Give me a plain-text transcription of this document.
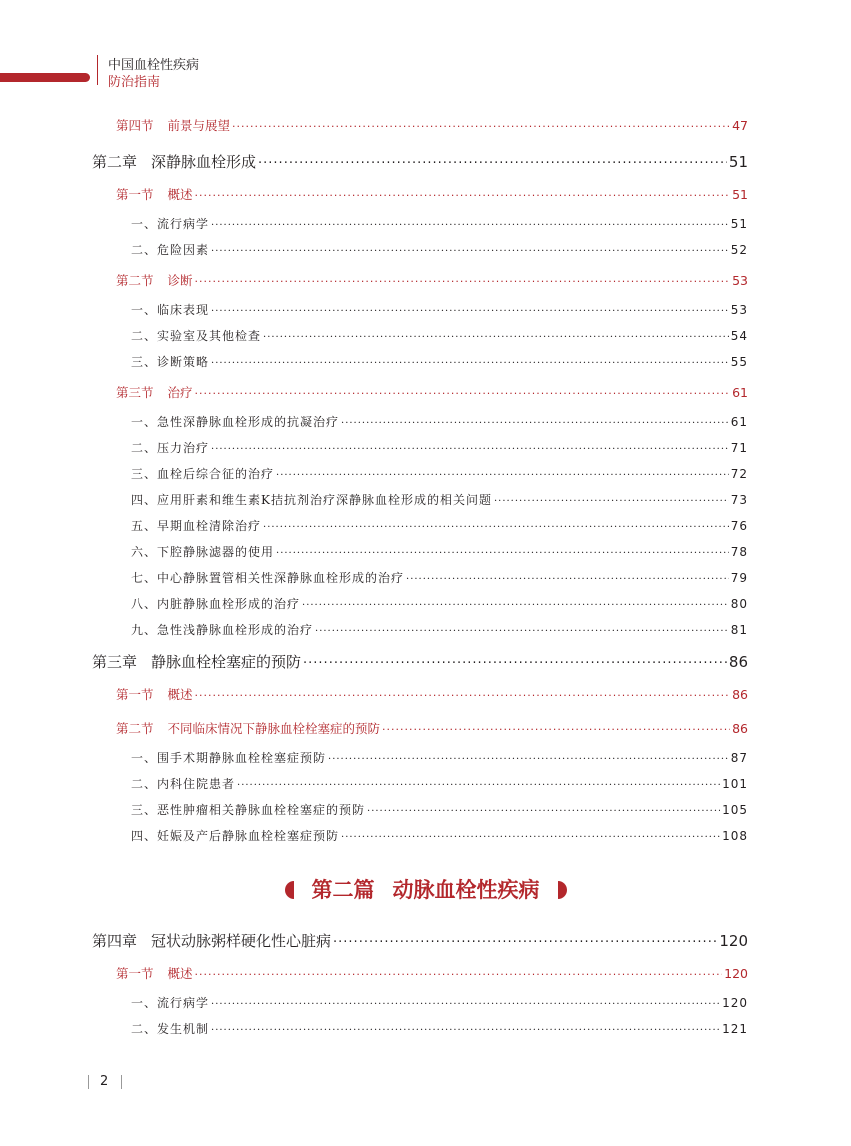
中国血栓性疾病
防治指南
第四节 前景与展望 ·····	47
第二章 深静脉血栓形成 ·····	51
第一节 概述 ·····	51
一、流行病学 ·····	51
二、危险因素 ·····	52
第二节 诊断 ·····	53
一、临床表现 ·····	53
二、实验室及其他检查 ·····	54
三、诊断策略 ·····	55
第三节 治疗 ·····	61
一、急性深静脉血栓形成的抗凝治疗 ·····	61
二、压力治疗 ·····	71
三、血栓后综合征的治疗 ·····	72
四、应用肝素和维生素K拮抗剂治疗深静脉血栓形成的相关问题 ·····	73
五、早期血栓清除治疗 ·····	76
六、下腔静脉滤器的使用 ·····	78
七、中心静脉置管相关性深静脉血栓形成的治疗 ·····	79
八、内脏静脉血栓形成的治疗 ·····	80
九、急性浅静脉血栓形成的治疗 ·····	81
第三章 静脉血栓栓塞症的预防 ·····	86
第一节 概述 ·····	86
第二节 不同临床情况下静脉血栓栓塞症的预防 ·····	86
一、围手术期静脉血栓栓塞症预防 ·····	87
二、内科住院患者 ·····	101
三、恶性肿瘤相关静脉血栓栓塞症的预防 ·····	105
四、妊娠及产后静脉血栓栓塞症预防 ·····	108
第二篇 动脉血栓性疾病
第四章 冠状动脉粥样硬化性心脏病 ·····	120
第一节 概述 ·····	120
一、流行病学 ·····	120
二、发生机制 ·····	121
2
